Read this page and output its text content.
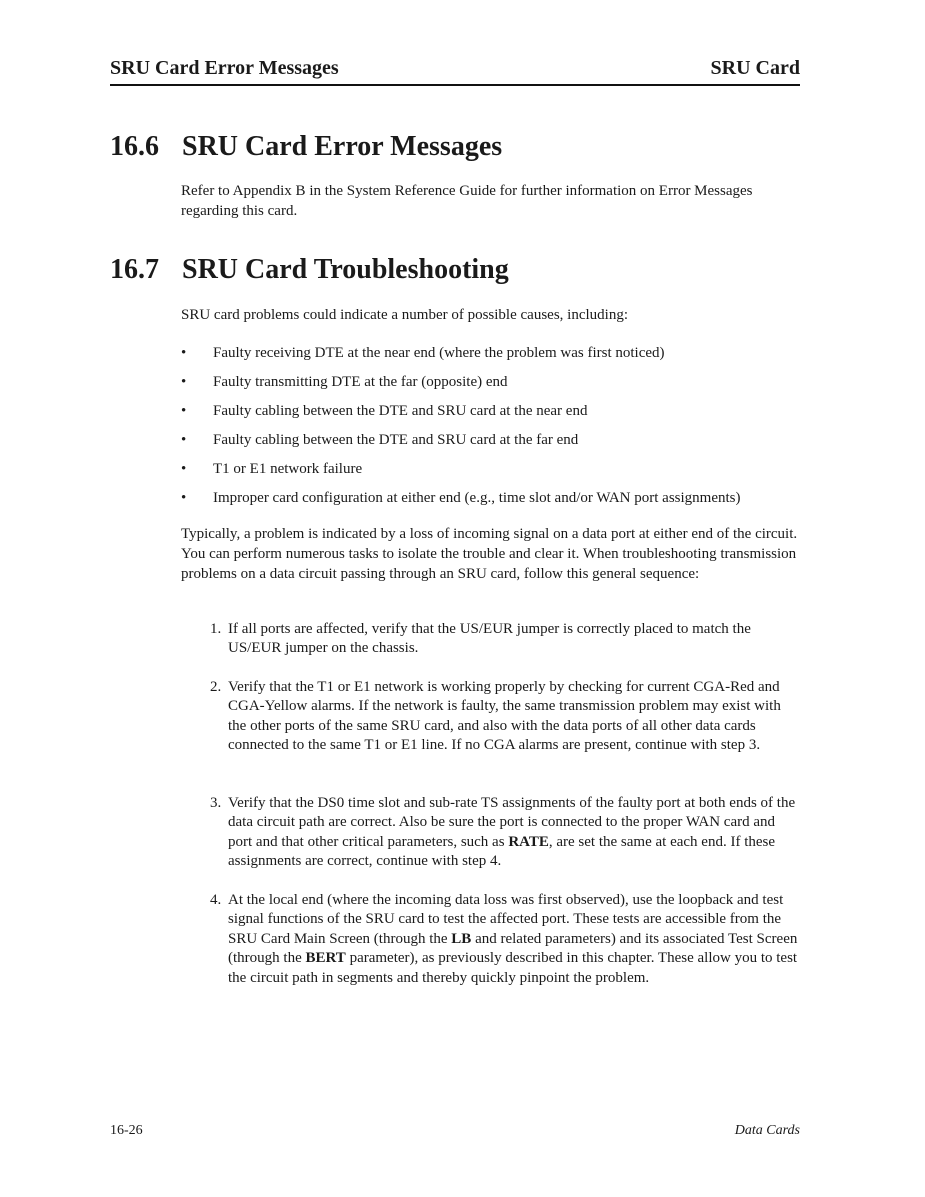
SRU Card Error Messages	SRU Card
16.6 SRU Card Error Messages

Refer to Appendix B in the System Reference Guide for further information on Error Messages regarding this card.

16.7 SRU Card Troubleshooting

SRU card problems could indicate a number of possible causes, including:

• Faulty receiving DTE at the near end (where the problem was first noticed)
• Faulty transmitting DTE at the far (opposite) end
• Faulty cabling between the DTE and SRU card at the near end
• Faulty cabling between the DTE and SRU card at the far end
• T1 or E1 network failure
• Improper card configuration at either end (e.g., time slot and/or WAN port assignments)

Typically, a problem is indicated by a loss of incoming signal on a data port at either end of the circuit. You can perform numerous tasks to isolate the trouble and clear it. When troubleshooting transmission problems on a data circuit passing through an SRU card, follow this general sequence:

1. If all ports are affected, verify that the US/EUR jumper is correctly placed to match the US/EUR jumper on the chassis.
2. Verify that the T1 or E1 network is working properly by checking for current CGA-Red and CGA-Yellow alarms. If the network is faulty, the same transmission problem may exist with the other ports of the same SRU card, and also with the data ports of all other data cards connected to the same T1 or E1 line. If no CGA alarms are present, continue with step 3.
3. Verify that the DS0 time slot and sub-rate TS assignments of the faulty port at both ends of the data circuit path are correct. Also be sure the port is connected to the proper WAN card and port and that other critical parameters, such as RATE, are set the same at each end. If these assignments are correct, continue with step 4.
4. At the local end (where the incoming data loss was first observed), use the loopback and test signal functions of the SRU card to test the affected port. These tests are accessible from the SRU Card Main Screen (through the LB and related parameters) and its associated Test Screen (through the BERT parameter), as previously described in this chapter. These allow you to test the circuit path in segments and thereby quickly pinpoint the problem.
16-26	Data Cards
